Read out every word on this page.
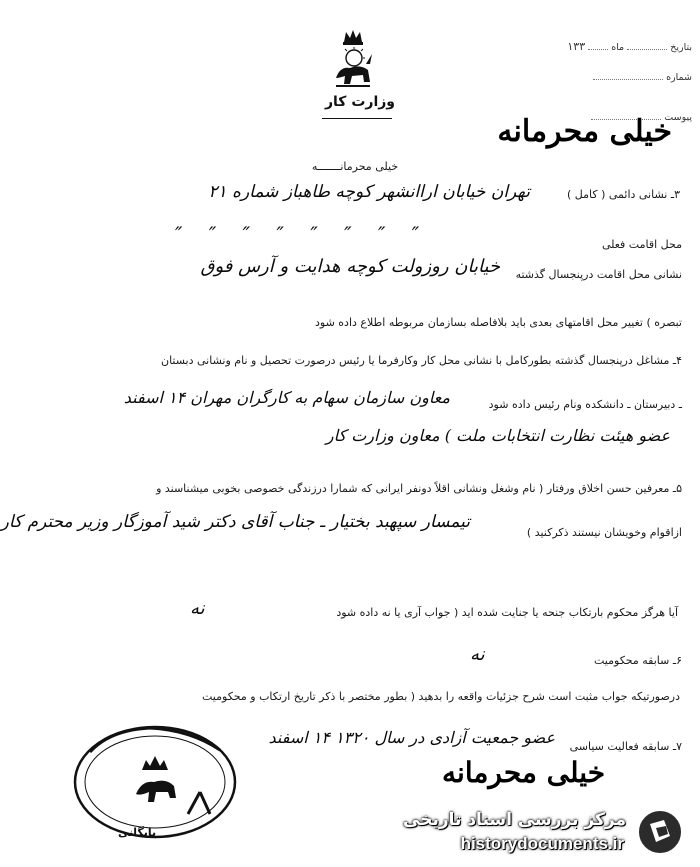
وزارت کار
بتاریخ  ماه  ۱۳۳
شماره
پیوست
خیلی محرمانه
خیلی محرمانـــــــه
۳ـ نشانی دائمی ( کامل )
تهران خیابان اراانشهر کوچه طاهباز شماره ۲۱
محل اقامت فعلی
″ ″ ″ ″ ″ ″ ″ ″
نشانی محل اقامت درپنجسال گذشته
خیابان روزولت کوچه هدایت و آرس فوق
تبصره ) تغییر محل اقامتهای بعدی باید بلافاصله بسازمان مربوطه اطلاع داده شود
۴ـ مشاغل درپنجسال گذشته بطورکامل با نشانی محل کار وکارفرما یا رئیس درصورت تحصیل و نام ونشانی دبستان
ـ دبیرستان ـ دانشکده ونام رئیس داده شود
معاون سازمان سهام به کارگران مهران ۱۴ اسفند
عضو هیئت نظارت انتخابات ملت ) معاون وزارت کار
۵ـ معرفین حسن اخلاق ورفتار ( نام وشغل ونشانی اقلاً دونفر ایرانی که شمارا درزندگی خصوصی بخوبی میشناسند و
ازاقوام وخویشان نیستند ذکرکنید )
تیمسار سپهبد بختیار ـ جناب آقای دکتر شید آموزگار وزیر محترم کار
آیا هرگز محکوم بارتکاب جنحه یا جنایت شده اید ( جواب آری یا نه داده شود
نه
۶ـ سابقه محکومیت
نه
درصورتیکه جواب مثبت است شرح جزئیات واقعه را بدهید ( بطور مختصر با ذکر تاریخ ارتکاب و محکومیت
۷ـ سابقه فعالیت سیاسی
عضو جمعیت آزادی در سال ۱۳۲۰ ۱۴ اسفند
خیلی محرمانه
بایگانی
مرکز بررسی اسناد تاریخی
historydocuments.ir
